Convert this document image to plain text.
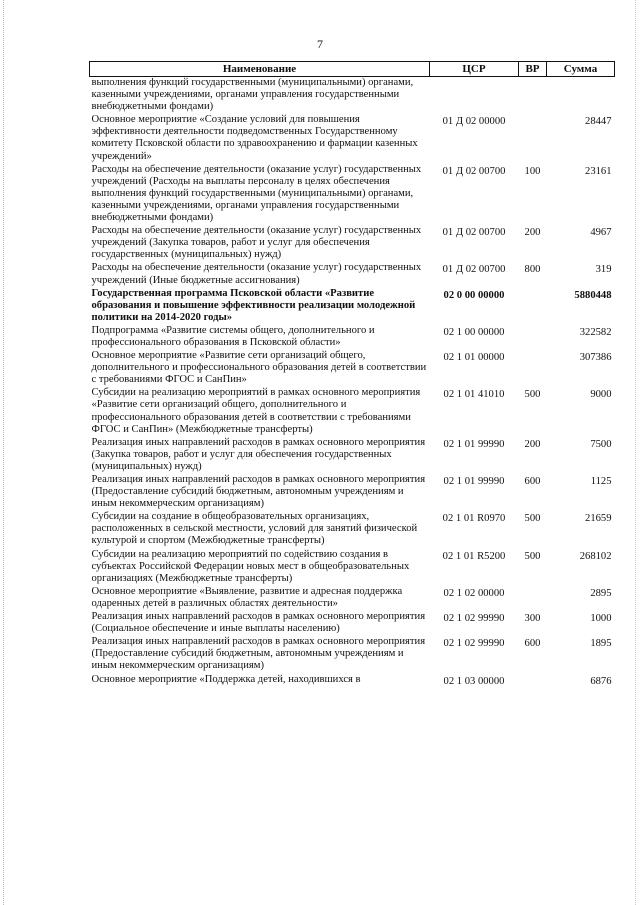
7
Наименование	ЦСР	ВР	Сумма
выполнения функций государственными (муниципальными) органами, казенными учреждениями, органами управления государственными внебюджетными фондами)			
Основное мероприятие «Создание условий для повышения эффективности деятельности подведомственных Государственному комитету Псковской области по здравоохранению и фармации казенных учреждений»	01 Д 02 00000		28447
Расходы на обеспечение деятельности (оказание услуг) государственных учреждений (Расходы на выплаты персоналу в целях обеспечения выполнения функций государственными (муниципальными) органами, казенными учреждениями, органами управления государственными внебюджетными фондами)	01 Д 02 00700	100	23161
Расходы на обеспечение деятельности (оказание услуг) государственных учреждений (Закупка товаров, работ и услуг для обеспечения государственных (муниципальных) нужд)	01 Д 02 00700	200	4967
Расходы на обеспечение деятельности (оказание услуг) государственных учреждений (Иные бюджетные ассигнования)	01 Д 02 00700	800	319
Государственная программа Псковской области «Развитие образования и повышение эффективности реализации молодежной политики на 2014-2020 годы»	02 0 00 00000		5880448
Подпрограмма «Развитие системы общего, дополнительного и профессионального образования в Псковской области»	02 1 00 00000		322582
Основное мероприятие «Развитие сети организаций общего, дополнительного и профессионального образования детей в соответствии с требованиями ФГОС и СанПин»	02 1 01 00000		307386
Субсидии на реализацию мероприятий в рамках основного мероприятия «Развитие сети организаций общего, дополнительного и профессионального образования детей в соответствии с требованиями ФГОС и СанПин» (Межбюджетные трансферты)	02 1 01 41010	500	9000
Реализация иных направлений расходов в рамках основного мероприятия (Закупка товаров, работ и услуг для обеспечения государственных (муниципальных) нужд)	02 1 01 99990	200	7500
Реализация иных направлений расходов в рамках основного мероприятия (Предоставление субсидий бюджетным, автономным учреждениям и иным некоммерческим организациям)	02 1 01 99990	600	1125
Субсидии на создание в общеобразовательных организациях, расположенных в сельской местности, условий для занятий физической культурой и спортом (Межбюджетные трансферты)	02 1 01 R0970	500	21659
Субсидии на реализацию мероприятий по содействию создания в субъектах Российской Федерации новых мест в общеобразовательных организациях (Межбюджетные трансферты)	02 1 01 R5200	500	268102
Основное мероприятие «Выявление, развитие и адресная поддержка одаренных детей в различных областях деятельности»	02 1 02 00000		2895
Реализация иных направлений расходов в рамках основного мероприятия (Социальное обеспечение и иные выплаты населению)	02 1 02 99990	300	1000
Реализация иных направлений расходов в рамках основного мероприятия (Предоставление субсидий бюджетным, автономным учреждениям и иным некоммерческим организациям)	02 1 02 99990	600	1895
Основное мероприятие «Поддержка детей, находившихся в	02 1 03 00000		6876
